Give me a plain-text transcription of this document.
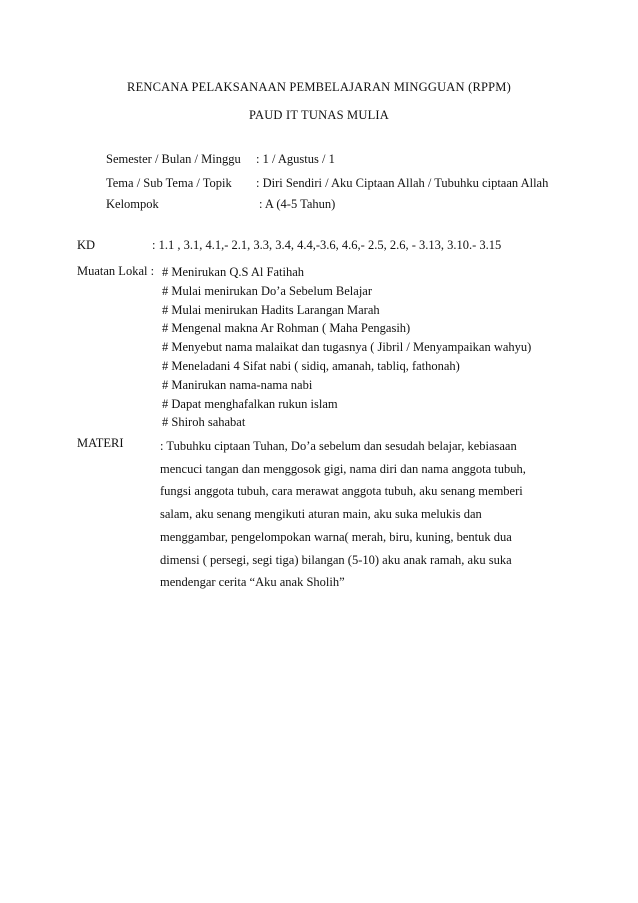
RENCANA PELAKSANAAN PEMBELAJARAN MINGGUAN (RPPM)
PAUD IT TUNAS MULIA
Semester / Bulan / Minggu : 1 / Agustus / 1
Tema / Sub Tema / Topik : Diri Sendiri / Aku Ciptaan Allah / Tubuhku ciptaan Allah
Kelompok	: A (4-5 Tahun)
KD	: 1.1 , 3.1, 4.1,- 2.1, 3.3, 3.4, 4.4,-3.6, 4.6,- 2.5, 2.6, - 3.13, 3.10.- 3.15
Muatan Lokal : # Menirukan Q.S Al Fatihah
# Mulai menirukan Do’a Sebelum Belajar
# Mulai menirukan Hadits Larangan Marah
# Mengenal makna Ar Rohman ( Maha Pengasih)
# Menyebut nama malaikat dan tugasnya ( Jibril / Menyampaikan wahyu)
# Meneladani 4 Sifat nabi ( sidiq, amanah, tabliq, fathonah)
# Manirukan nama-nama nabi
# Dapat menghafalkan rukun islam
# Shiroh sahabat
MATERI	: Tubuhku ciptaan Tuhan, Do’a sebelum dan sesudah belajar, kebiasaan
mencuci tangan dan menggosok gigi, nama diri dan nama anggota tubuh,
fungsi anggota tubuh, cara merawat anggota tubuh, aku senang memberi
salam, aku senang mengikuti aturan main, aku suka melukis dan
menggambar, pengelompokan warna( merah, biru, kuning, bentuk dua
dimensi ( persegi, segi tiga) bilangan (5-10) aku anak ramah, aku suka
mendengar cerita “Aku anak Sholih”
